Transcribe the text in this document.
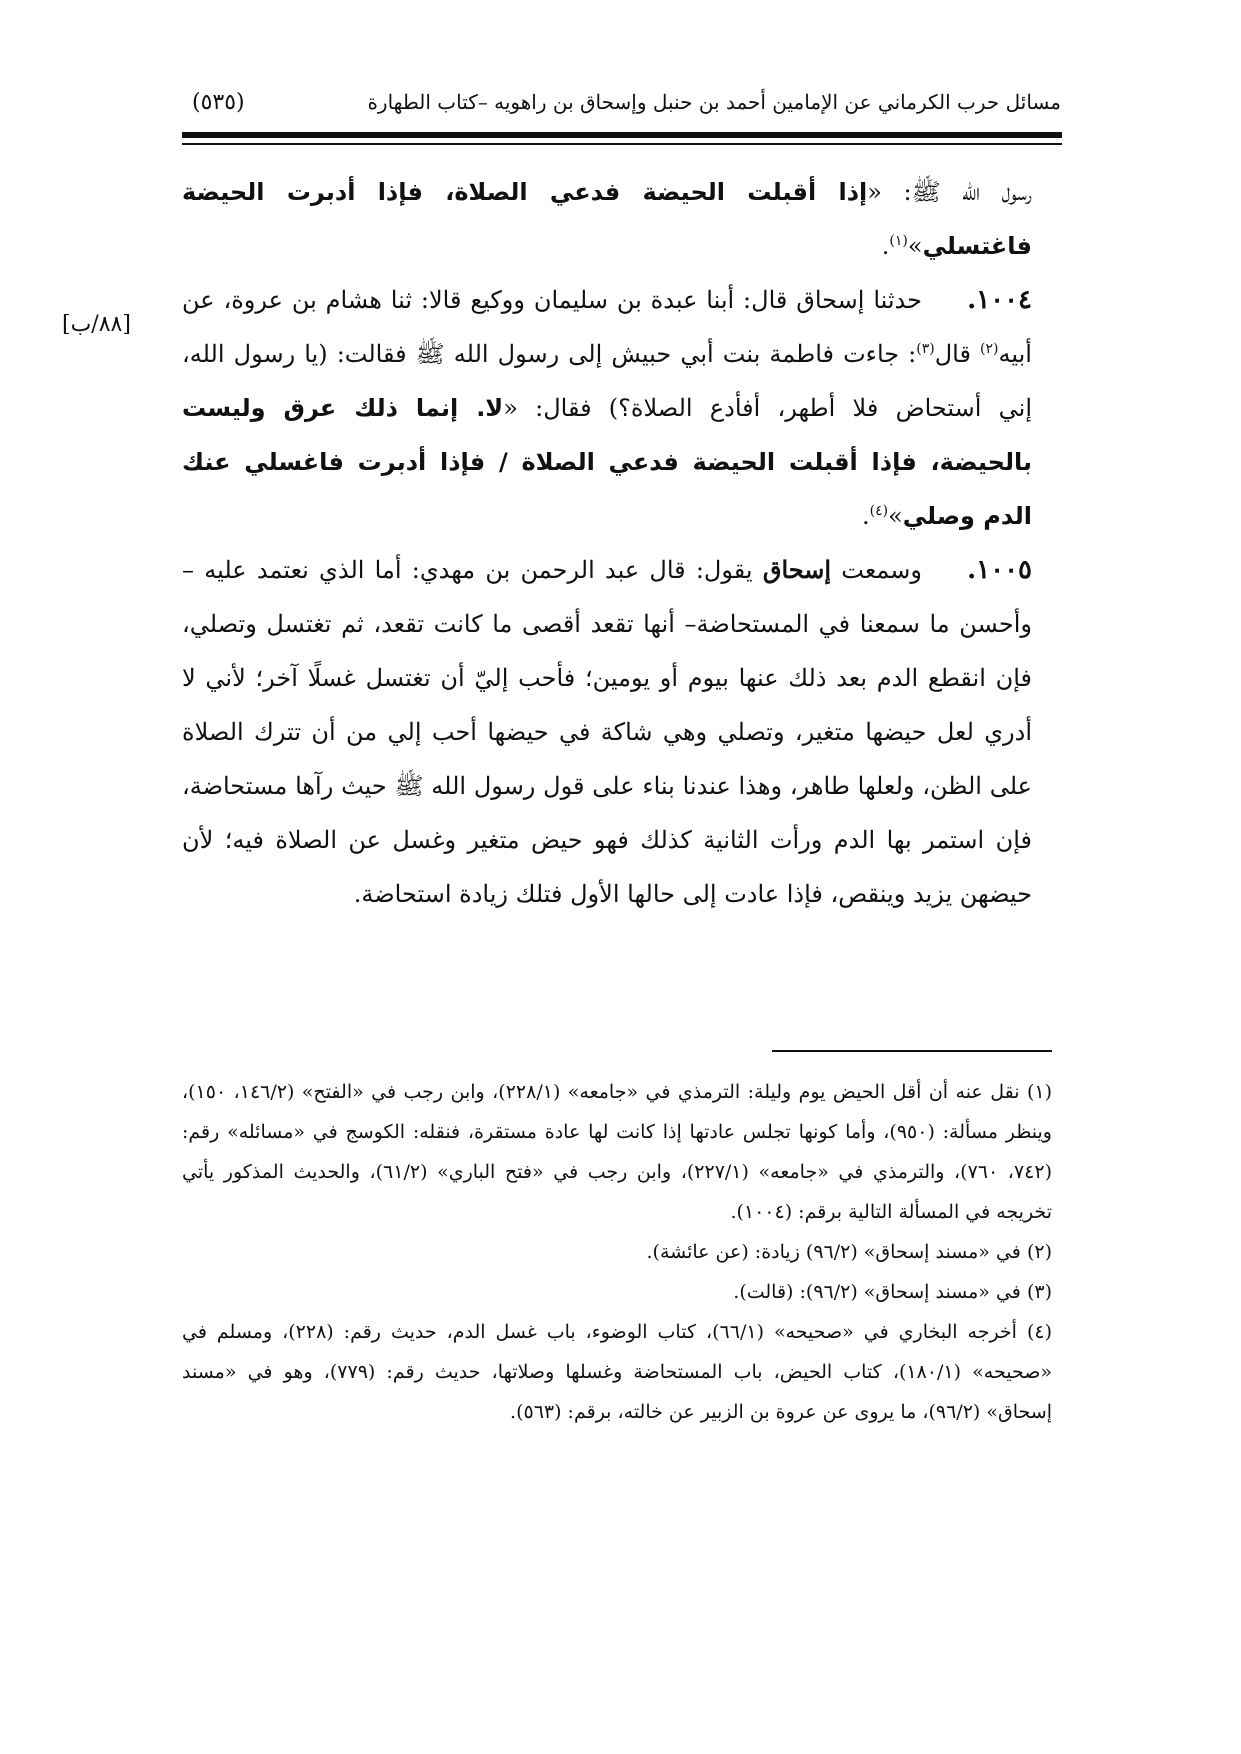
مسائل حرب الكرماني عن الإمامين أحمد بن حنبل وإسحاق بن راهويه –كتاب الطهارة
(٥٣٥)
[٨٨/ب]

رسول الله ﷺ: «إذا أقبلت الحيضة فدعي الصلاة، فإذا أدبرت الحيضة فاغتسلي»$^{(١)}$.

١٠٠٤.حدثنا إسحاق قال: أبنا عبدة بن سليمان ووكيع قالا: ثنا هشام بن عروة، عن أبيه$^{(٢)}$ قال$^{(٣)}$: جاءت فاطمة بنت أبي حبيش إلى رسول الله ﷺ فقالت: (يا رسول الله، إني أستحاض فلا أطهر، أفأدع الصلاة؟) فقال: «لا. إنما ذلك عرق وليست بالحيضة، فإذا أقبلت الحيضة فدعي الصلاة / فإذا أدبرت فاغسلي عنك الدم وصلي»$^{(٤)}$.

١٠٠٥.وسمعت إسحاق يقول: قال عبد الرحمن بن مهدي: أما الذي نعتمد عليه – وأحسن ما سمعنا في المستحاضة– أنها تقعد أقصى ما كانت تقعد، ثم تغتسل وتصلي، فإن انقطع الدم بعد ذلك عنها بيوم أو يومين؛ فأحب إليّ أن تغتسل غسلًا آخر؛ لأني لا أدري لعل حيضها متغير، وتصلي وهي شاكة في حيضها أحب إلي من أن تترك الصلاة على الظن، ولعلها طاهر، وهذا عندنا بناء على قول رسول الله ﷺ حيث رآها مستحاضة، فإن استمر بها الدم ورأت الثانية كذلك فهو حيض متغير وغسل عن الصلاة فيه؛ لأن حيضهن يزيد وينقص، فإذا عادت إلى حالها الأول فتلك زيادة استحاضة.

(١) نقل عنه أن أقل الحيض يوم وليلة: الترمذي في «جامعه» (٢٢٨/١)، وابن رجب في «الفتح» (١٤٦/٢، ١٥٠)، وينظر مسألة: (٩٥٠)، وأما كونها تجلس عادتها إذا كانت لها عادة مستقرة، فنقله: الكوسج في «مسائله» رقم: (٧٤٢، ٧٦٠)، والترمذي في «جامعه» (٢٢٧/١)، وابن رجب في «فتح الباري» (٦١/٢)، والحديث المذكور يأتي تخريجه في المسألة التالية برقم: (١٠٠٤).

(٢) في «مسند إسحاق» (٩٦/٢) زيادة: (عن عائشة).

(٣) في «مسند إسحاق» (٩٦/٢): (قالت).

(٤) أخرجه البخاري في «صحيحه» (٦٦/١)، كتاب الوضوء، باب غسل الدم، حديث رقم: (٢٢٨)، ومسلم في «صحيحه» (١٨٠/١)، كتاب الحيض، باب المستحاضة وغسلها وصلاتها، حديث رقم: (٧٧٩)، وهو في «مسند إسحاق» (٩٦/٢)، ما يروى عن عروة بن الزبير عن خالته، برقم: (٥٦٣).
